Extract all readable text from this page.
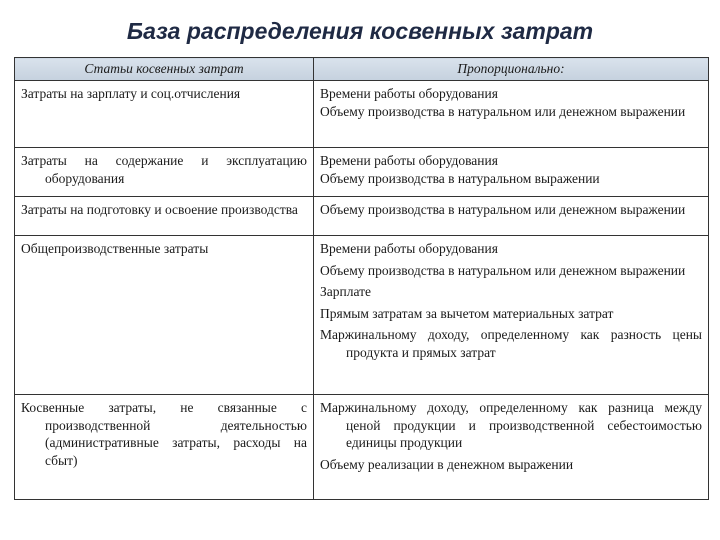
База распределения косвенных затрат
Статьи косвенных затрат	Пропорционально:

Затраты на зарплату и соц.отчисления	Времени работы оборудования
Объему производства в натуральном или денежном выражении

Затраты на содержание и эксплуатацию оборудования	Времени работы оборудования
Объему производства в натуральном выражении

Затраты на подготовку и освоение производства	Объему производства в натуральном или денежном выражении

Общепроизводственные затраты	Времени работы оборудования
Объему производства в натуральном или денежном выражении
Зарплате
Прямым затратам за вычетом материальных затрат
Маржинальному доходу, определенному как разность цены продукта и прямых затрат

Косвенные затраты, не связанные с производственной деятельностью (административные затраты, расходы на сбыт)	Маржинальному доходу, определенному как разница между ценой продукции и производственной себестоимостью единицы продукции
Объему реализации в денежном выражении
